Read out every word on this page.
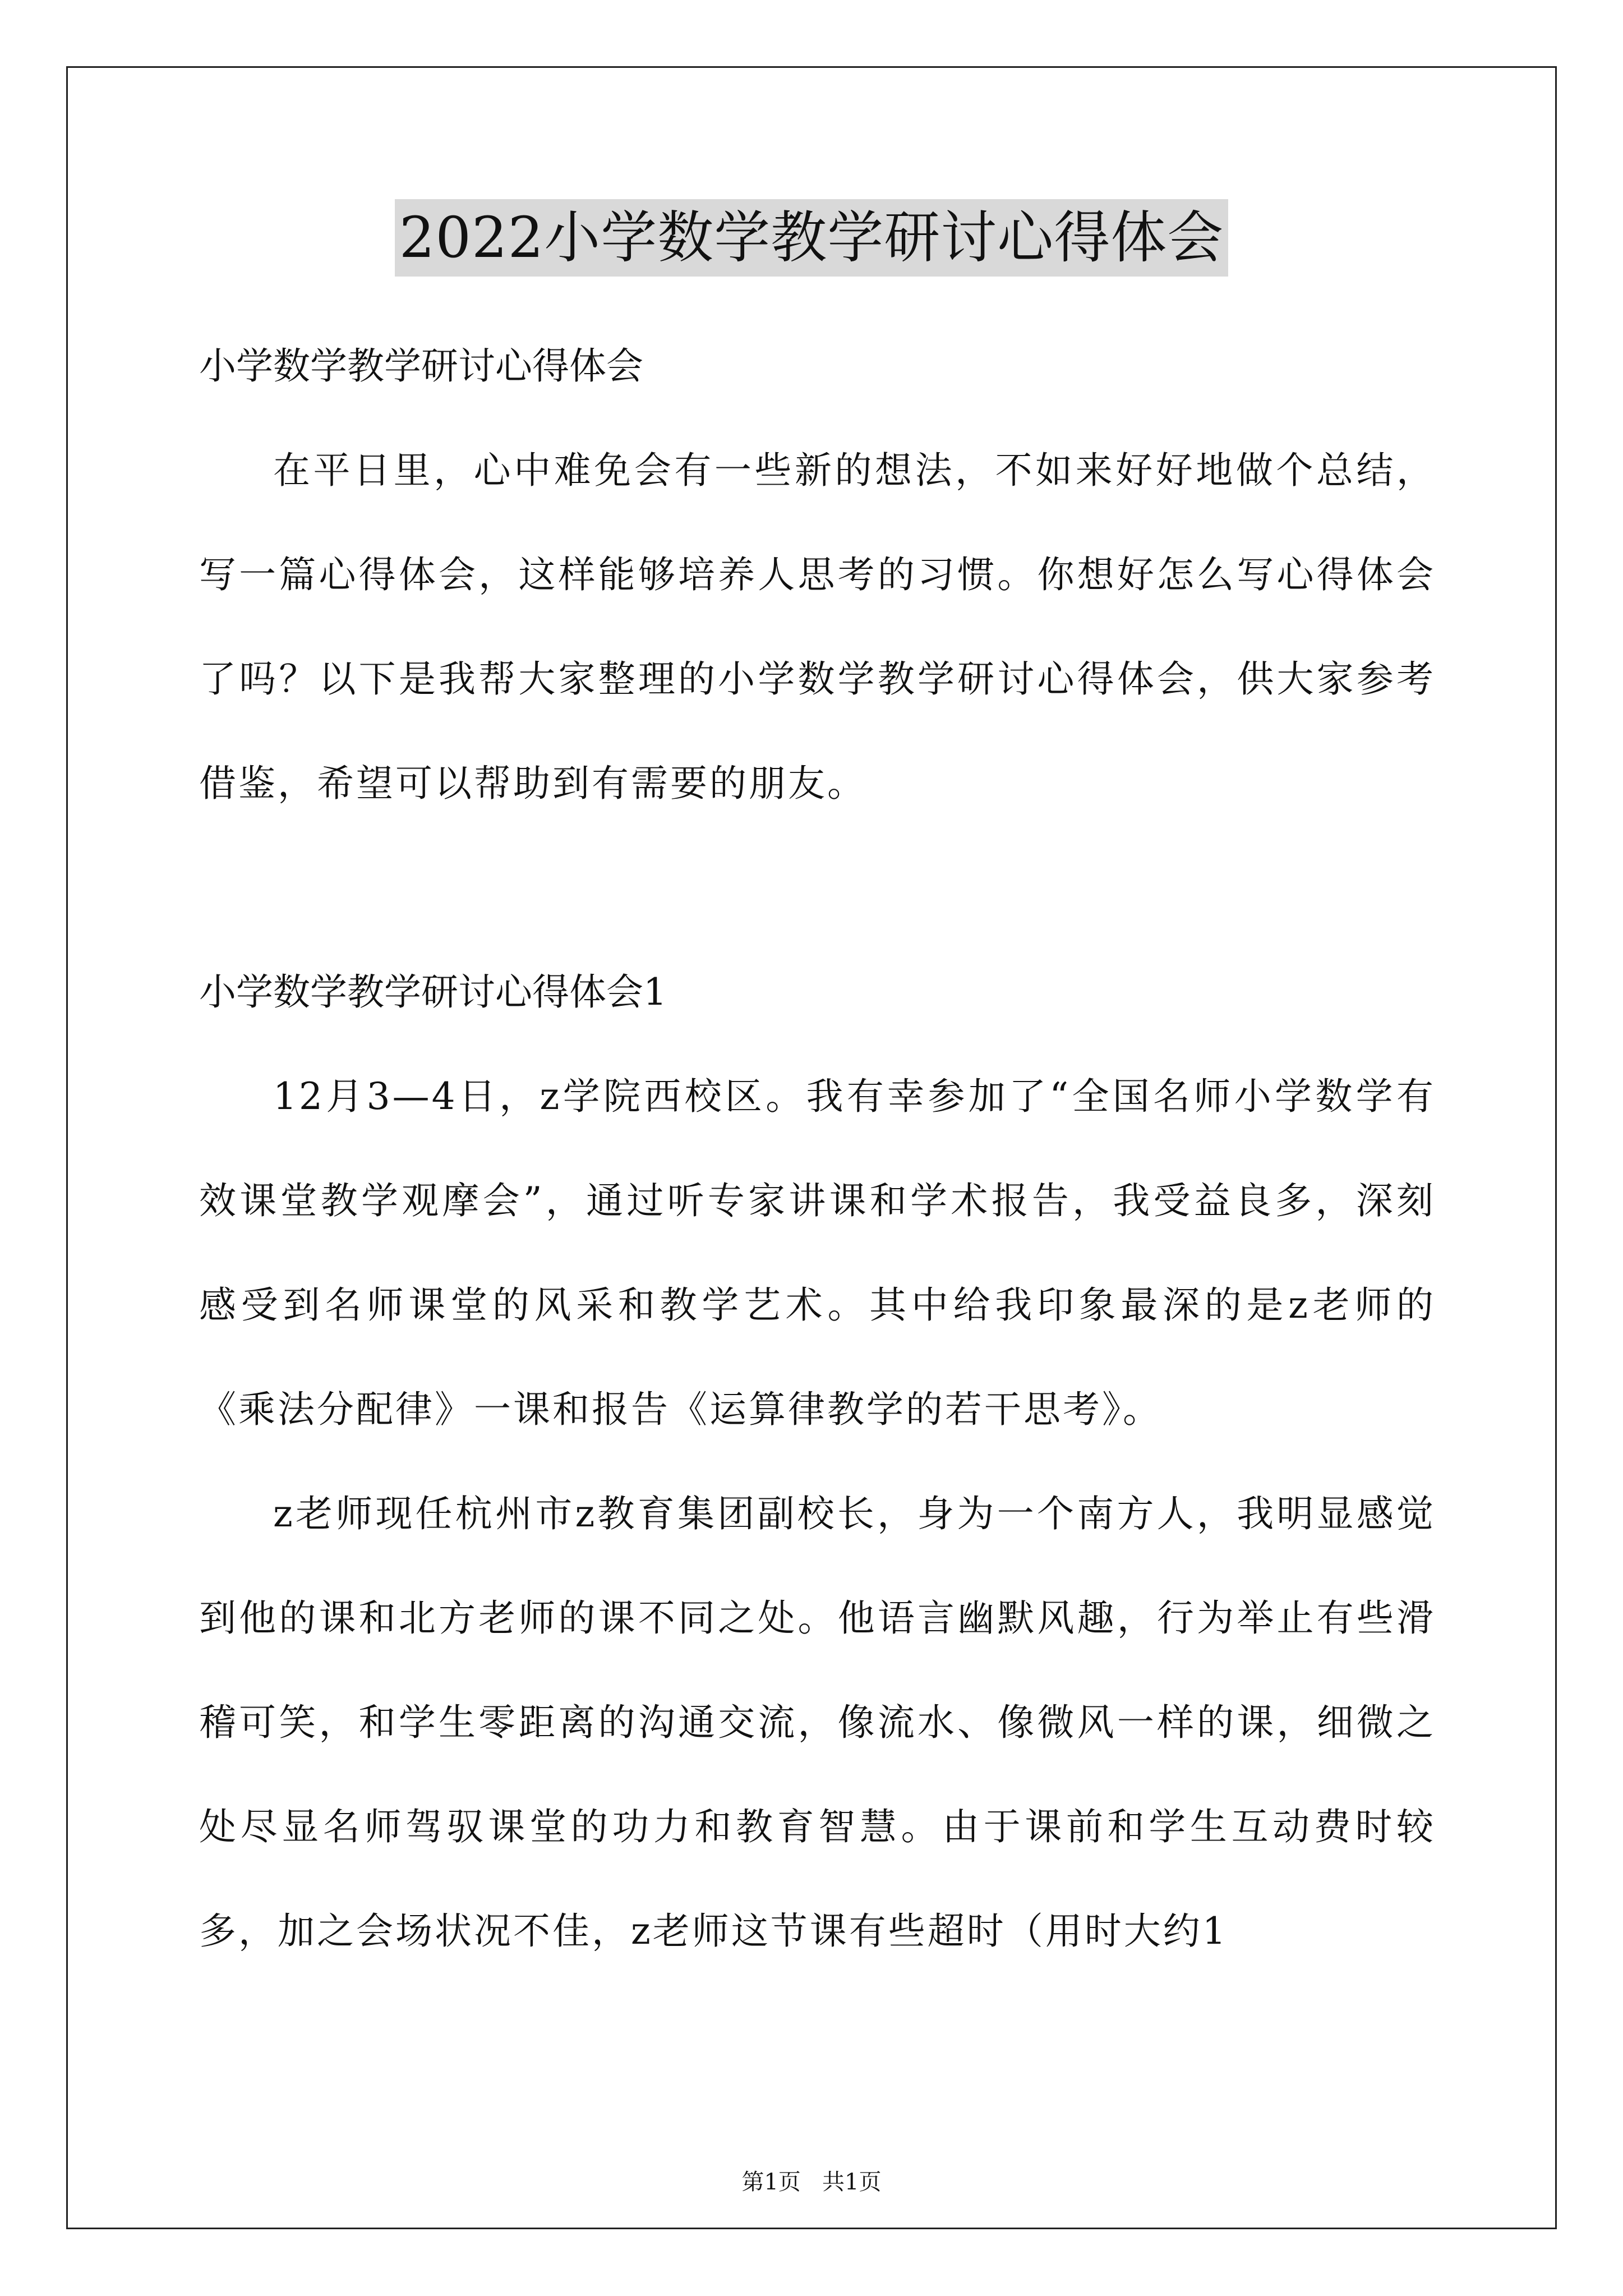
2022小学数学教学研讨心得体会

小学数学教学研讨心得体会

在平日里，心中难免会有一些新的想法，不如来好好地做个总结，写一篇心得体会，这样能够培养人思考的习惯。你想好怎么写心得体会了吗？以下是我帮大家整理的小学数学教学研讨心得体会，供大家参考借鉴，希望可以帮助到有需要的朋友。

小学数学教学研讨心得体会1

12月3—4日，z学院西校区。我有幸参加了“全国名师小学数学有效课堂教学观摩会”，通过听专家讲课和学术报告，我受益良多，深刻感受到名师课堂的风采和教学艺术。其中给我印象最深的是z老师的《乘法分配律》一课和报告《运算律教学的若干思考》。

z老师现任杭州市z教育集团副校长，身为一个南方人，我明显感觉到他的课和北方老师的课不同之处。他语言幽默风趣，行为举止有些滑稽可笑，和学生零距离的沟通交流，像流水、像微风一样的课，细微之处尽显名师驾驭课堂的功力和教育智慧。由于课前和学生互动费时较多，加之会场状况不佳，z老师这节课有些超时（用时大约1

第1页   共1页
